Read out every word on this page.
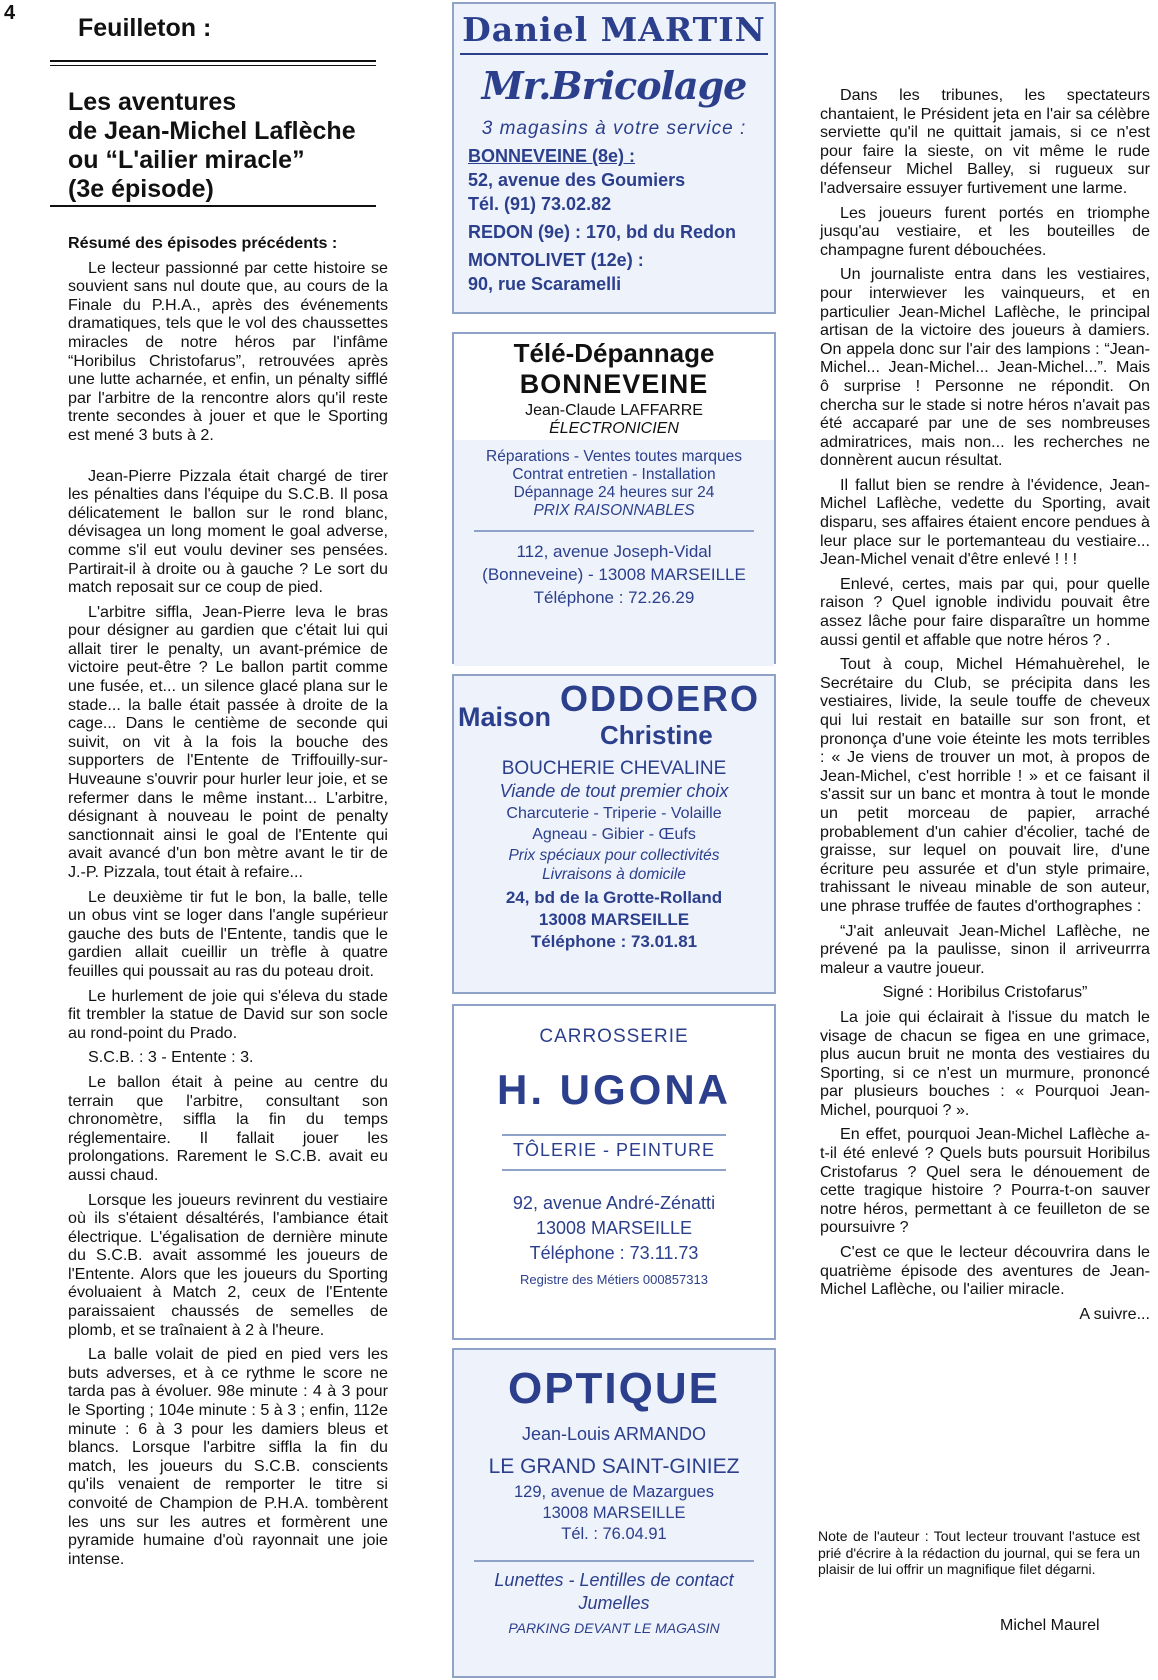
4
Feuilleton :
Les aventures
de Jean-Michel Laflèche
ou “L'ailier miracle”
(3e épisode)

Résumé des épisodes précédents :

Le lecteur passionné par cette histoire se souvient sans nul doute que, au cours de la Finale du P.H.A., après des événements dramatiques, tels que le vol des chaussettes miracles de notre héros par l'infâme “Horibilus Christofarus”, retrouvées après une lutte acharnée, et enfin, un pénalty sifflé par l'arbitre de la rencontre alors qu'il reste trente secondes à jouer et que le Sporting est mené 3 buts à 2.

Jean-Pierre Pizzala était chargé de tirer les pénalties dans l'équipe du S.C.B. Il posa délicatement le ballon sur le rond blanc, dévisagea un long moment le goal adverse, comme s'il eut voulu deviner ses pensées. Partirait-il à droite ou à gauche ? Le sort du match reposait sur ce coup de pied.

L'arbitre siffla, Jean-Pierre leva le bras pour désigner au gardien que c'était lui qui allait tirer le penalty, un avant-prémice de victoire peut-être ? Le ballon partit comme une fusée, et... un silence glacé plana sur le stade... la balle était passée à droite de la cage... Dans le centième de seconde qui suivit, on vit à la fois la bouche des supporters de l'Entente de Triffouilly-sur-Huveaune s'ouvrir pour hurler leur joie, et se refermer dans le même instant... L'arbitre, désignant à nouveau le point de penalty sanctionnait ainsi le goal de l'Entente qui avait avancé d'un bon mètre avant le tir de J.-P. Pizzala, tout était à refaire...

Le deuxième tir fut le bon, la balle, telle un obus vint se loger dans l'angle supérieur gauche des buts de l'Entente, tandis que le gardien allait cueillir un trèfle à quatre feuilles qui poussait au ras du poteau droit.

Le hurlement de joie qui s'éleva du stade fit trembler la statue de David sur son socle au rond-point du Prado.

S.C.B. : 3 - Entente : 3.

Le ballon était à peine au centre du terrain que l'arbitre, consultant son chronomètre, siffla la fin du temps réglementaire. Il fallait jouer les prolongations. Rarement le S.C.B. avait eu aussi chaud.

Lorsque les joueurs revinrent du vestiaire où ils s'étaient désaltérés, l'ambiance était électrique. L'égalisation de dernière minute du S.C.B. avait assommé les joueurs de l'Entente. Alors que les joueurs du Sporting évoluaient à Match 2, ceux de l'Entente paraissaient chaussés de semelles de plomb, et se traînaient à 2 à l'heure.

La balle volait de pied en pied vers les buts adverses, et à ce rythme le score ne tarda pas à évoluer. 98e minute : 4 à 3 pour le Sporting ; 104e minute : 5 à 3 ; enfin, 112e minute : 6 à 3 pour les damiers bleus et blancs. Lorsque l'arbitre siffla la fin du match, les joueurs du S.C.B. conscients qu'ils venaient de remporter le titre si convoité de Champion de P.H.A. tombèrent les uns sur les autres et formèrent une pyramide humaine d'où rayonnait une joie intense.

Daniel MARTIN
Mr.Bricolage
3 magasins à votre service :
BONNEVEINE (8e) :
52, avenue des Goumiers
Tél. (91) 73.02.82
REDON (9e) : 170, bd du Redon
MONTOLIVET (12e) :
90, rue Scaramelli
Télé-Dépannage
BONNEVEINE
Jean-Claude LAFFARRE
ÉLECTRONICIEN
Réparations - Ventes toutes marques
Contrat entretien - Installation
Dépannage 24 heures sur 24
PRIX RAISONNABLES
112, avenue Joseph-Vidal
(Bonneveine) - 13008 MARSEILLE
Téléphone : 72.26.29
Maison ODDOERO
Christine
BOUCHERIE CHEVALINE
Viande de tout premier choix
Charcuterie - Triperie - Volaille
Agneau - Gibier - Œufs
Prix spéciaux pour collectivités
Livraisons à domicile
24, bd de la Grotte-Rolland
13008 MARSEILLE
Téléphone : 73.01.81
CARROSSERIE
H. UGONA
TÔLERIE - PEINTURE
92, avenue André-Zénatti
13008 MARSEILLE
Téléphone : 73.11.73
Registre des Métiers 000857313
OPTIQUE
Jean-Louis ARMANDO
LE GRAND SAINT-GINIEZ
129, avenue de Mazargues
13008 MARSEILLE
Tél. : 76.04.91
Lunettes - Lentilles de contact
Jumelles
PARKING DEVANT LE MAGASIN

Dans les tribunes, les spectateurs chantaient, le Président jeta en l'air sa célèbre serviette qu'il ne quittait jamais, si ce n'est pour faire la sieste, on vit même le rude défenseur Michel Balley, si rugueux sur l'adversaire essuyer furtivement une larme.

Les joueurs furent portés en triomphe jusqu'au vestiaire, et les bouteilles de champagne furent débouchées.

Un journaliste entra dans les vestiaires, pour interwiever les vainqueurs, et en particulier Jean-Michel Laflèche, le principal artisan de la victoire des joueurs à damiers. On appela donc sur l'air des lampions : “Jean-Michel... Jean-Michel... Jean-Michel...”. Mais ô surprise ! Personne ne répondit. On chercha sur le stade si notre héros n'avait pas été accaparé par une de ses nombreuses admiratrices, mais non... les recherches ne donnèrent aucun résultat.

Il fallut bien se rendre à l'évidence, Jean-Michel Laflèche, vedette du Sporting, avait disparu, ses affaires étaient encore pendues à leur place sur le portemanteau du vestiaire... Jean-Michel venait d'être enlevé ! ! !

Enlevé, certes, mais par qui, pour quelle raison ? Quel ignoble individu pouvait être assez lâche pour faire disparaître un homme aussi gentil et affable que notre héros ? .

Tout à coup, Michel Hémahuèrehel, le Secrétaire du Club, se précipita dans les vestiaires, livide, la seule touffe de cheveux qui lui restait en bataille sur son front, et prononça d'une voie éteinte les mots terribles : « Je viens de trouver un mot, à propos de Jean-Michel, c'est horrible ! » et ce faisant il s'assit sur un banc et montra à tout le monde un petit morceau de papier, arraché probablement d'un cahier d'écolier, taché de graisse, sur lequel on pouvait lire, d'une écriture peu assurée et d'un style primaire, trahissant le niveau minable de son auteur, une phrase truffée de fautes d'orthographes :

“J'ait anleuvait Jean-Michel Laflèche, ne prévené pa la paulisse, sinon il arriveurrra maleur a vautre joueur.

Signé : Horibilus Cristofarus”

La joie qui éclairait à l'issue du match le visage de chacun se figea en une grimace, plus aucun bruit ne monta des vestiaires du Sporting, si ce n'est un murmure, prononcé par plusieurs bouches : « Pourquoi Jean-Michel, pourquoi ? ».

En effet, pourquoi Jean-Michel Laflèche a-t-il été enlevé ? Quels buts poursuit Horibilus Cristofarus ? Quel sera le dénouement de cette tragique histoire ? Pourra-t-on sauver notre héros, permettant à ce feuilleton de se poursuivre ?

C'est ce que le lecteur découvrira dans le quatrième épisode des aventures de Jean-Michel Laflèche, ou l'ailier miracle.

A suivre...

Note de l'auteur : Tout lecteur trouvant l'astuce est prié d'écrire à la rédaction du journal, qui se fera un plaisir de lui offrir un magnifique filet dégarni.
Michel Maurel
